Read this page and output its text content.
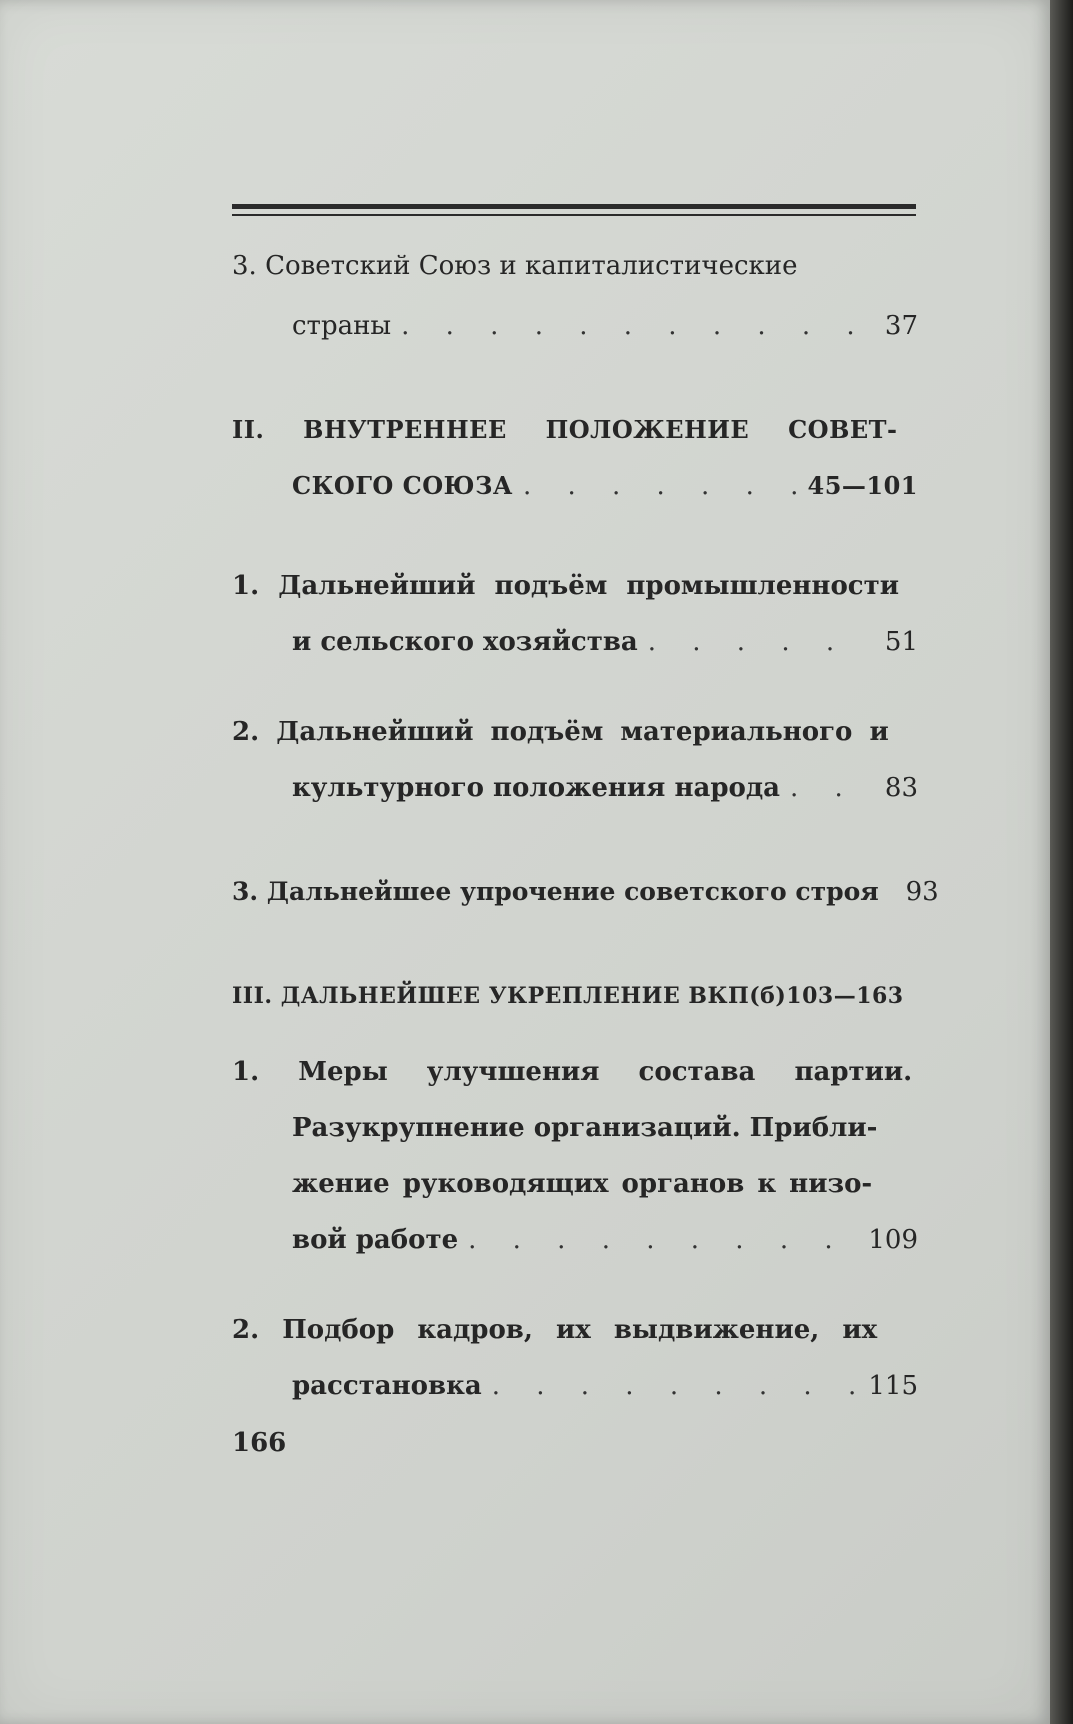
3. Советский Союз и капиталистические
страны . . .	37
II. ВНУТРЕННЕЕ ПОЛОЖЕНИЕ СОВЕТ-
СКОГО СОЮЗА . . .	45—101
1. Дальнейший подъём промышленности
и сельского хозяйства . . .	51
2. Дальнейший подъём материального и
культурного положения народа . . .	83
3. Дальнейшее упрочение советского строя 93
III. ДАЛЬНЕЙШЕЕ УКРЕПЛЕНИЕ ВКП(б) 103—163
1. Меры улучшения состава партии.
Разукрупнение организаций. Прибли-
жение руководящих органов к низо-
вой работе . . .	109
2. Подбор кадров, их выдвижение, их
расстановка . . .	115
166
